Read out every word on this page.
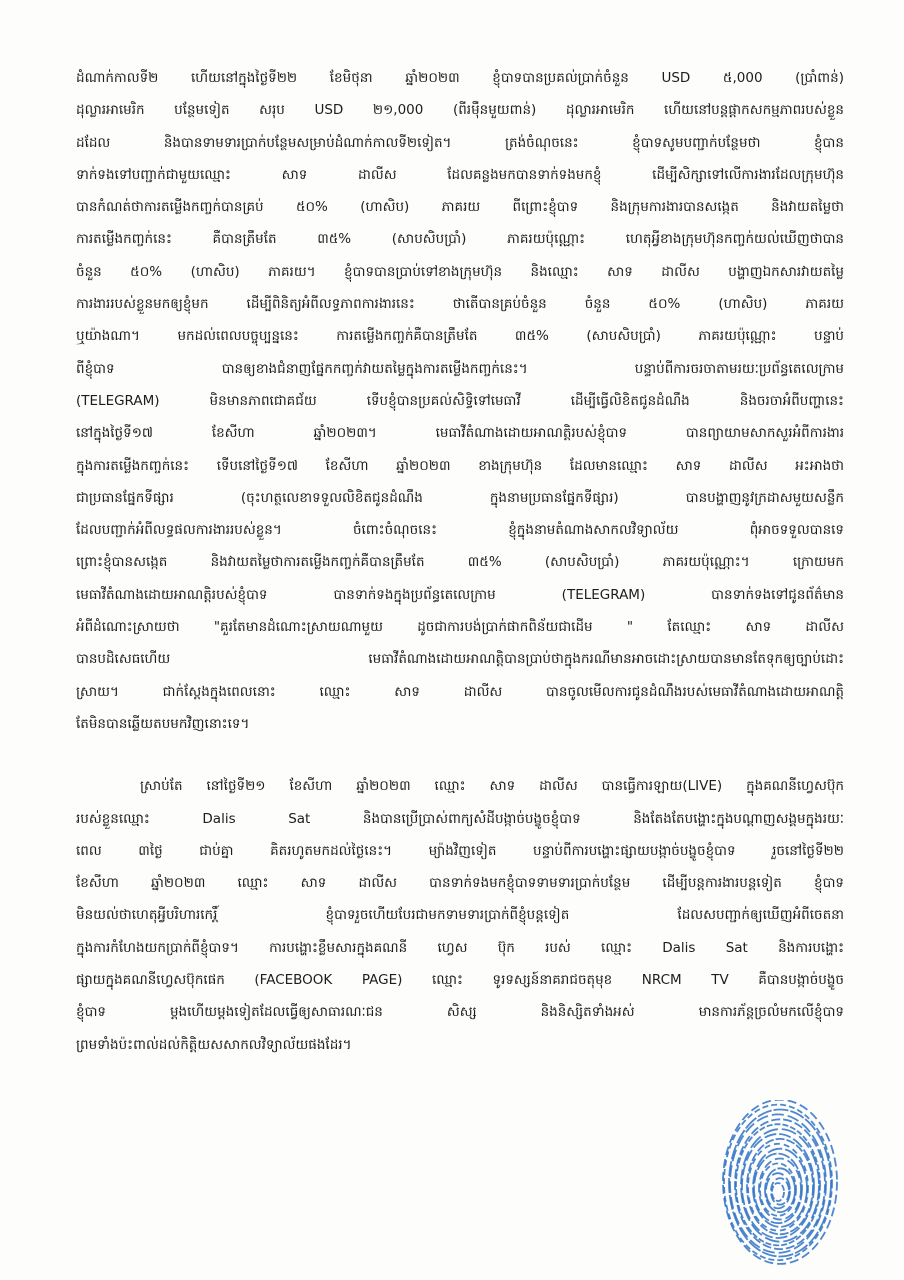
ដំណាក់កាលទី២ ហើយនៅក្នុងថ្ងៃទី២២ ខែមិថុនា ឆ្នាំ២០២៣ ខ្ញុំបាទបានប្រគល់ប្រាក់ចំនួន USD ៥,000 (ប្រាំពាន់)
ដុល្លារអាមេរិក បន្ថែមទៀត សរុប USD ២១,000 (ពីរម៉ឺនមួយពាន់) ដុល្លារអាមេរិក ហើយនៅបន្តផ្តាកសកម្មភាពរបស់ខ្លួន
ដដែល និងបានទាមទារប្រាក់បន្ថែមសម្រាប់ដំណាក់កាលទី២ទៀត។ ត្រង់ចំណុចនេះ ខ្ញុំបាទសូមបញ្ជាក់បន្ថែមថា ខ្ញុំបាន
ទាក់ទងទៅបញ្ជាក់ជាមួយឈ្មោះ សាទ ដាលីស ដែលគន្លងមកបានទាក់ទងមកខ្ញុំ ដើម្បីសិក្សាទៅលើការងារដែលក្រុមហ៊ុន
បានកំណត់ថាការតម្លើងកញ្ចក់បានគ្រប់ ៥០% (ហាសិប) ភាគរយ ពីព្រោះខ្ញុំបាទ និងក្រុមការងារបានសង្កេត និងវាយតម្លៃថា
ការតម្លើងកញ្ចក់នេះ គឺបានត្រឹមតែ ៣៥% (សាបសិបប្រាំ) ភាគរយប៉ុណ្ណោះ ហេតុអ្វីខាងក្រុមហ៊ុនកញ្ចក់យល់ឃើញថាបាន
ចំនួន ៥០% (ហាសិប) ភាគរយ។ ខ្ញុំបាទបានប្រាប់ទៅខាងក្រុមហ៊ុន និងឈ្មោះ សាទ ដាលីស បង្ហាញឯកសារវាយតម្លៃ
ការងាររបស់ខ្លួនមកឲ្យខ្ញុំមក ដើម្បីពិនិត្យអំពីលទ្ធភាពការងារនេះ ថាតើបានគ្រប់ចំនួន ចំនួន ៥០% (ហាសិប) ភាគរយ
ឬយ៉ាងណា។ មកដល់ពេលបច្ចុប្បន្ននេះ ការតម្លើងកញ្ចក់គឺបានត្រឹមតែ ៣៥% (សាបសិបប្រាំ) ភាគរយប៉ុណ្ណោះ បន្ទាប់
ពីខ្ញុំបាទ បានឲ្យខាងជំនាញផ្នែកកញ្ចក់វាយតម្លៃក្នុងការតម្លើងកញ្ចក់នេះ។ បន្ទាប់ពីការចរចាតាមរយៈប្រព័ន្ធតេលេក្រាម
(TELEGRAM) មិនមានភាពជោគជ័យ ទើបខ្ញុំបានប្រគល់សិទ្ធិទៅមេធាវី ដើម្បីធ្វើលិខិតជូនដំណឹង និងចរចាអំពីបញ្ហានេះ
នៅក្នុងថ្ងៃទី១៧ ខែសីហា ឆ្នាំ២០២៣។ មេធាវីតំណាងដោយអាណត្តិរបស់ខ្ញុំបាទ បានព្យាយាមសាកសួរអំពីការងារ
ក្នុងការតម្លើងកញ្ចក់នេះ ទើបនៅថ្ងៃទី១៧ ខែសីហា ឆ្នាំ២០២៣ ខាងក្រុមហ៊ុន ដែលមានឈ្មោះ សាទ ដាលីស អះអាងថា
ជាប្រធានផ្នែកទីផ្សារ (ចុះហត្ថលេខាទទួលលិខិតជូនដំណឹង ក្នុងនាមប្រធានផ្នែកទីផ្សារ) បានបង្ហាញនូវក្រដាសមួយសន្លឹក
ដែលបញ្ជាក់អំពីលទ្ធផលការងាររបស់ខ្លួន។ ចំពោះចំណុចនេះ ខ្ញុំក្នុងនាមតំណាងសាកលវិទ្យាល័យ ពុំអាចទទួលបានទេ
ព្រោះខ្ញុំបានសង្កេត និងវាយតម្លៃថាការតម្លើងកញ្ចក់គឺបានត្រឹមតែ ៣៥% (សាបសិបប្រាំ) ភាគរយប៉ុណ្ណោះ។ ក្រោយមក
មេធាវីតំណាងដោយអាណត្តិរបស់ខ្ញុំបាទ បានទាក់ទងក្នុងប្រព័ន្ធតេលេក្រាម (TELEGRAM) បានទាក់ទងទៅជូនព័ត៌មាន
អំពីដំណោះស្រាយថា "គួរតែមានដំណោះស្រាយណាមួយ ដូចជាការបង់ប្រាក់ផាកពិន័យជាដើម " តែឈ្មោះ សាទ ដាលីស
បានបដិសេធហើយ មេធាវីតំណាងដោយអាណត្តិបានប្រាប់ថាក្នុងករណីមានអាចដោះស្រាយបានមានតែទុកឲ្យច្បាប់ដោះ
ស្រាយ។ ជាក់ស្តែងក្នុងពេលនោះ ឈ្មោះ សាទ ដាលីស បានចូលមើលការជូនដំណឹងរបស់មេធាវីតំណាងដោយអាណត្តិ
តែមិនបានឆ្លើយតបមកវិញនោះទេ។
ស្រាប់តែ នៅថ្ងៃទី២១ ខែសីហា ឆ្នាំ២០២៣ ឈ្មោះ សាទ ដាលីស បានធ្វើការឡាយ(LIVE) ក្នុងគណនីហ្វេសប៊ុក
របស់ខ្លួនឈ្មោះ Dalis Sat និងបានប្រើប្រាស់ពាក្យសំដីបង្កាច់បង្ខូចខ្ញុំបាទ និងតែងតែបង្ហោះក្នុងបណ្តាញសង្គមក្នុងរយៈ
ពេល ៣ថ្ងៃ ជាប់គ្នា គិតរហូតមកដល់ថ្ងៃនេះ។ ម្យ៉ាងវិញទៀត បន្ទាប់ពីការបង្ហោះផ្សាយបង្កាច់បង្ខូចខ្ញុំបាទ រួចនៅថ្ងៃទី២២
ខែសីហា ឆ្នាំ២០២៣ ឈ្មោះ សាទ ដាលីស បានទាក់ទងមកខ្ញុំបាទទាមទារប្រាក់បន្ថែម ដើម្បីបន្តការងារបន្តទៀត ខ្ញុំបាទ
មិនយល់ថាហេតុអ្វីបរិហារកេរ្តិ៍ ខ្ញុំបាទរួចហើយបែរជាមកទាមទារប្រាក់ពីខ្ញុំបន្តទៀត ដែលសបញ្ជាក់ឲ្យឃើញអំពីចេតនា
ក្នុងការកំហែងយកប្រាក់ពីខ្ញុំបាទ។ ការបង្ហោះខ្លឹមសារក្នុងគណនី ហ្វេស ប៊ុក របស់ ឈ្មោះ Dalis Sat និងការបង្ហោះ
ផ្សាយក្នុងគណនីហ្វេសប៊ុកផេក (FACEBOOK PAGE) ឈ្មោះ ទូរទស្សន៍នាគរាជចតុមុខ NRCM TV គឺបានបង្កាច់បង្ខូច
ខ្ញុំបាទ ម្តងហើយម្តងទៀតដែលធ្វើឲ្យសាធារណៈជន សិស្ស និងនិស្សិតទាំងអស់ មានការភ័ន្តច្រលំមកលើខ្ញុំបាទ
ព្រមទាំងប៉ះពាល់ដល់កិត្តិយសសាកលវិទ្យាល័យផងដែរ។
